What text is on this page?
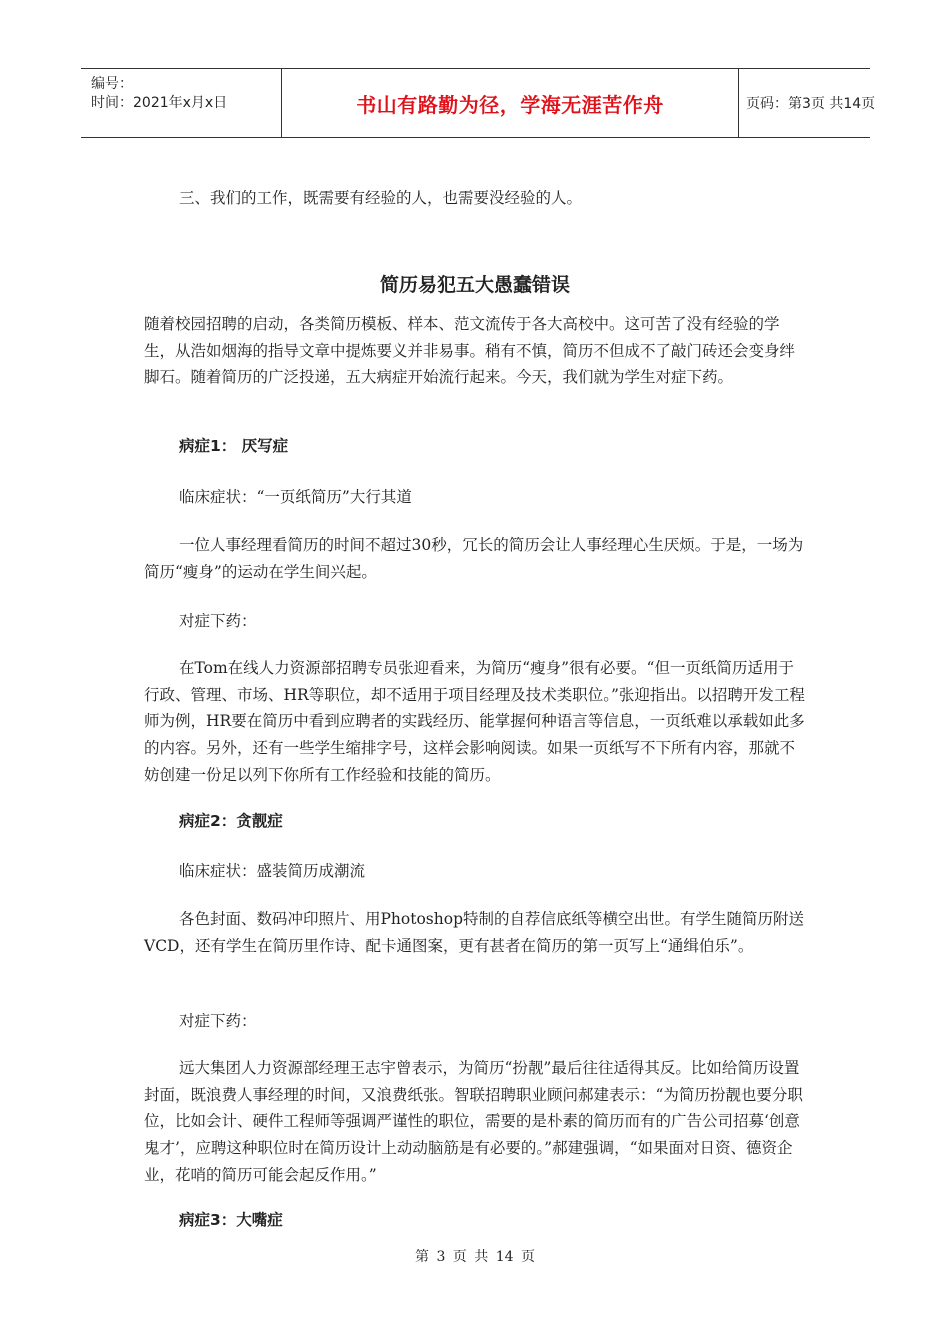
编号：
时间：2021年x月x日	书山有路勤为径，学海无涯苦作舟	页码：第3页 共14页
三、我们的工作，既需要有经验的人，也需要没经验的人。
简历易犯五大愚蠢错误

随着校园招聘的启动，各类简历模板、样本、范文流传于各大高校中。这可苦了没有经验的学生，从浩如烟海的指导文章中提炼要义并非易事。稍有不慎，简历不但成不了敲门砖还会变身绊脚石。随着简历的广泛投递，五大病症开始流行起来。今天，我们就为学生对症下药。

病症1： 厌写症
临床症状：“一页纸简历”大行其道

一位人事经理看简历的时间不超过30秒，冗长的简历会让人事经理心生厌烦。于是，一场为简历“瘦身”的运动在学生间兴起。

对症下药：

在Tom在线人力资源部招聘专员张迎看来，为简历“瘦身”很有必要。“但一页纸简历适用于行政、管理、市场、HR等职位，却不适用于项目经理及技术类职位。”张迎指出。以招聘开发工程师为例，HR要在简历中看到应聘者的实践经历、能掌握何种语言等信息，一页纸难以承载如此多的内容。另外，还有一些学生缩排字号，这样会影响阅读。如果一页纸写不下所有内容，那就不妨创建一份足以列下你所有工作经验和技能的简历。

病症2：贪靓症
临床症状：盛装简历成潮流

各色封面、数码冲印照片、用Photoshop特制的自荐信底纸等横空出世。有学生随简历附送VCD，还有学生在简历里作诗、配卡通图案，更有甚者在简历的第一页写上“通缉伯乐”。

对症下药：

远大集团人力资源部经理王志宇曾表示，为简历“扮靓”最后往往适得其反。比如给简历设置封面，既浪费人事经理的时间，又浪费纸张。智联招聘职业顾问郝建表示：“为简历扮靓也要分职位，比如会计、硬件工程师等强调严谨性的职位，需要的是朴素的简历而有的广告公司招募‘创意鬼才’，应聘这种职位时在简历设计上动动脑筋是有必要的。”郝建强调，“如果面对日资、德资企业，花哨的简历可能会起反作用。”

病症3：大嘴症
第 3 页 共 14 页
